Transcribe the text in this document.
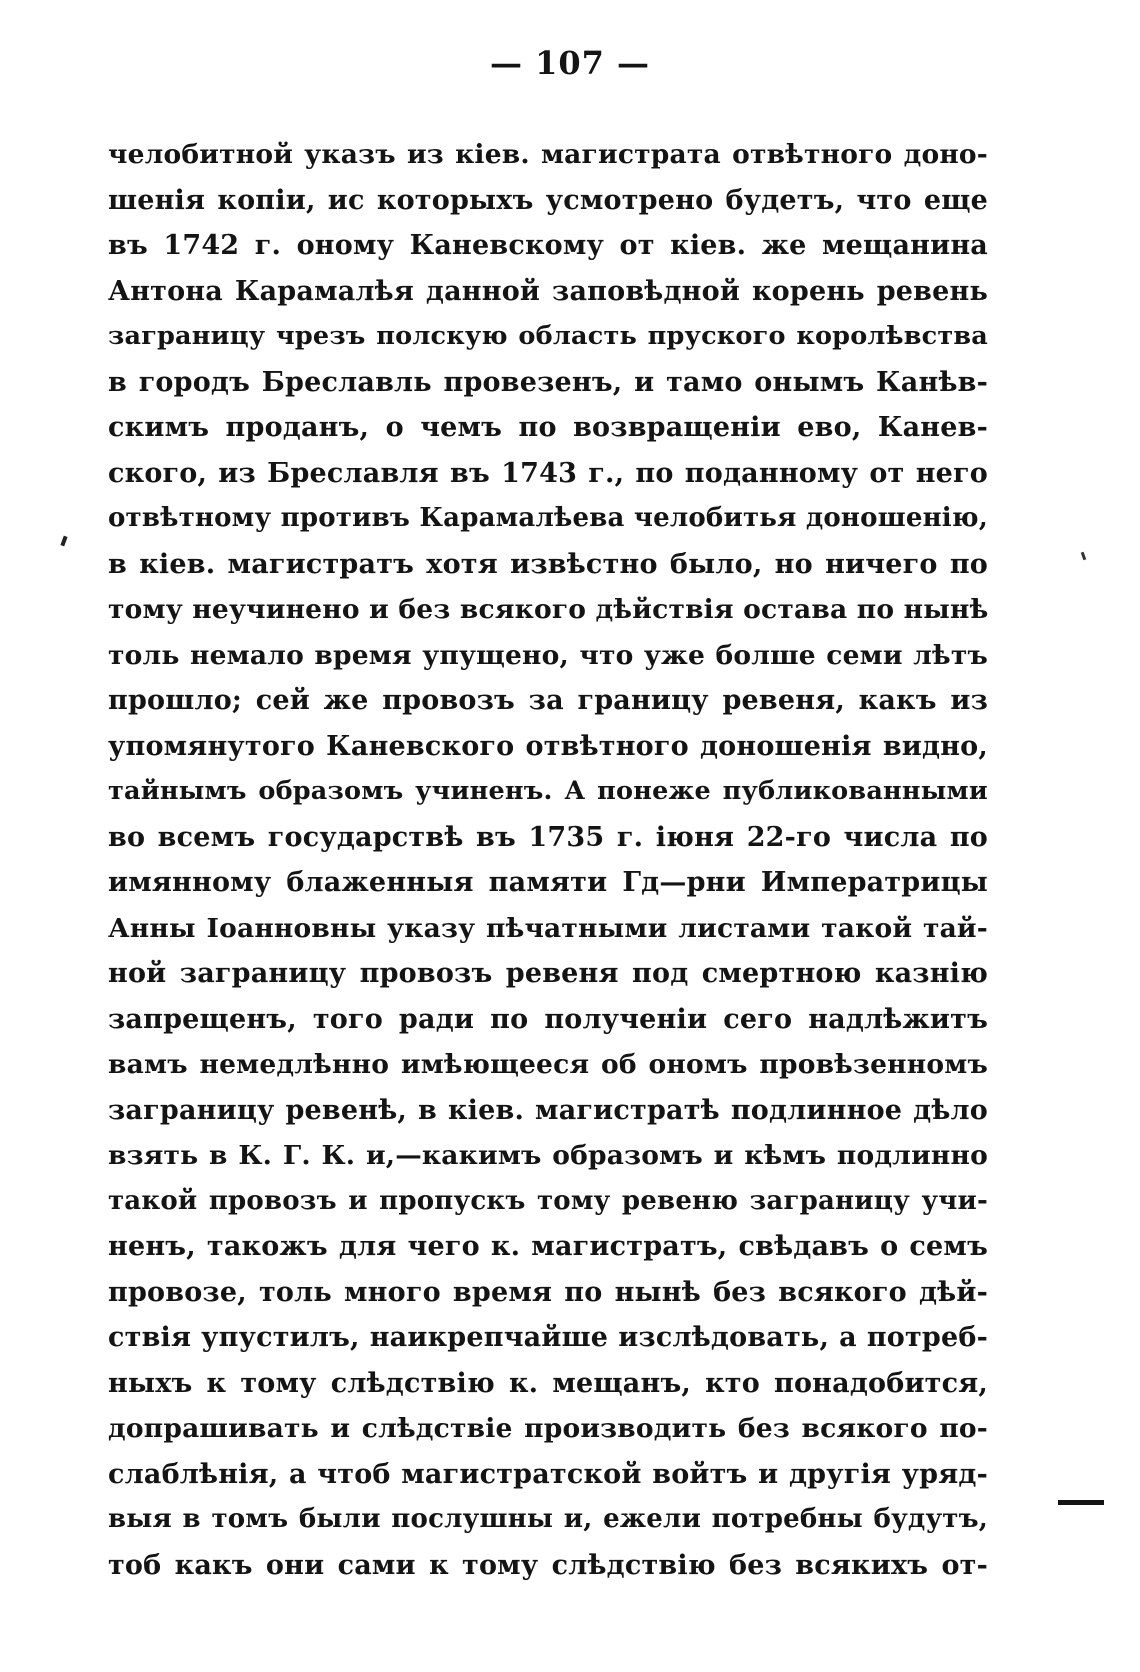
— 107 —
челобитной указъ из кiев. магистрата отвѣтного доно-
шенiя копiи, ис которыхъ усмотрено будетъ, что еще
въ 1742 г. оному Каневскому от кiев. же мещанина
Антона Карамалѣя данной заповѣдной корень ревень
заграницу чрезъ полскую область пруского королѣвства
в городъ Бреславль провезенъ, и тамо онымъ Канѣв-
скимъ проданъ, о чемъ по возвращенiи ево, Канев-
ского, из Бреславля въ 1743 г., по поданному от него
отвѣтному противъ Карамалѣева челобитья доношенiю,
в кiев. магистратъ хотя извѣстно было, но ничего по
тому неучинено и без всякого дѣйствiя остава по нынѣ
толь немало время упущено, что уже болше семи лѣтъ
прошло; сей же провозъ за границу ревеня, какъ из
упомянутого Каневского отвѣтного доношенiя видно,
тайнымъ образомъ учиненъ. А понеже публикованными
во всемъ государствѣ въ 1735 г. iюня 22-го числа по
имянному блаженныя памяти Гд—рни Императрицы
Анны Iоанновны указу пѣчатными листами такой тай-
ной заграницу провозъ ревеня под смертною казнiю
запрещенъ, того ради по полученiи сего надлѣжитъ
вамъ немедлѣнно имѣющееся об ономъ провѣзенномъ
заграницу ревенѣ, в кiев. магистратѣ подлинное дѣло
взять в К. Г. К. и,—какимъ образомъ и кѣмъ подлинно
такой провозъ и пропускъ тому ревеню заграницу учи-
ненъ, такожъ для чего к. магистратъ, свѣдавъ о семъ
провозе, толь много время по нынѣ без всякого дѣй-
ствiя упустилъ, наикрепчайше изслѣдовать, а потреб-
ныхъ к тому слѣдствiю к. мещанъ, кто понадобится,
допрашивать и слѣдствiе производить без всякого по-
слаблѣнiя, а чтоб магистратской войтъ и другiя уряд-
выя в томъ были послушны и, ежели потребны будутъ,
тоб какъ они сами к тому слѣдствiю без всякихъ от-
